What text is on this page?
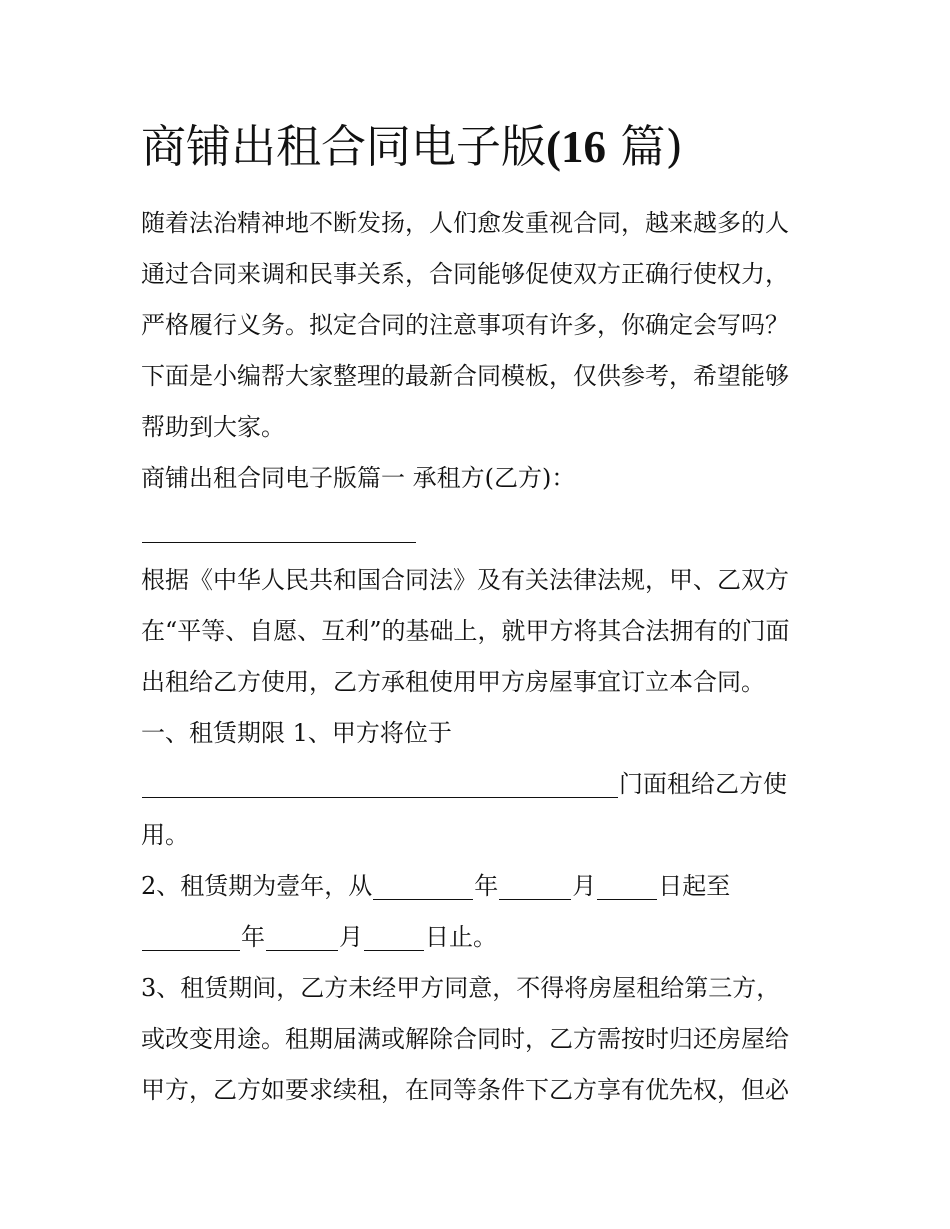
商铺出租合同电子版(16 篇)
随着法治精神地不断发扬，人们愈发重视合同，越来越多的人
通过合同来调和民事关系，合同能够促使双方正确行使权力，
严格履行义务。拟定合同的注意事项有许多，你确定会写吗？
下面是小编帮大家整理的最新合同模板，仅供参考，希望能够
帮助到大家。
商铺出租合同电子版篇一 承租方(乙方)：
根据《中华人民共和国合同法》及有关法律法规，甲、乙双方
在“平等、自愿、互利”的基础上，就甲方将其合法拥有的门面
出租给乙方使用，乙方承租使用甲方房屋事宜订立本合同。
一、租赁期限 1、甲方将位于
门面租给乙方使
用。
2、租赁期为壹年，从	年	月	日起至
年	月	日止。
3、租赁期间，乙方未经甲方同意，不得将房屋租给第三方，
或改变用途。租期届满或解除合同时，乙方需按时归还房屋给
甲方，乙方如要求续租，在同等条件下乙方享有优先权，但必
